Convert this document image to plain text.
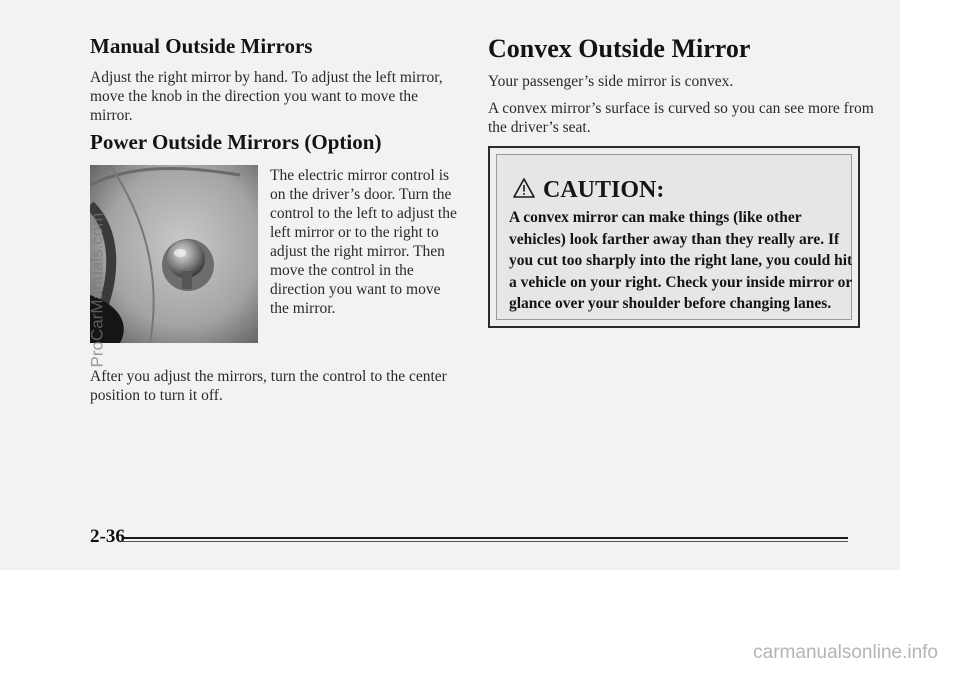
Manual Outside Mirrors

Adjust the right mirror by hand. To adjust the left mirror, move the knob in the direction you want to move the mirror.

Power Outside Mirrors (Option)

The electric mirror control is on the driver’s door. Turn the control to the left to adjust the left mirror or to the right to adjust the right mirror. Then move the control in the direction you want to move the mirror.

After you adjust the mirrors, turn the control to the center position to turn it off.

Convex Outside Mirror

Your passenger’s side mirror is convex.

A convex mirror’s surface is curved so you can see more from the driver’s seat.

CAUTION:

A convex mirror can make things (like other vehicles) look farther away than they really are. If you cut too sharply into the right lane, you could hit a vehicle on your right. Check your inside mirror or glance over your shoulder before changing lanes.

2-36

ProCarManuals.com

carmanualsonline.info
